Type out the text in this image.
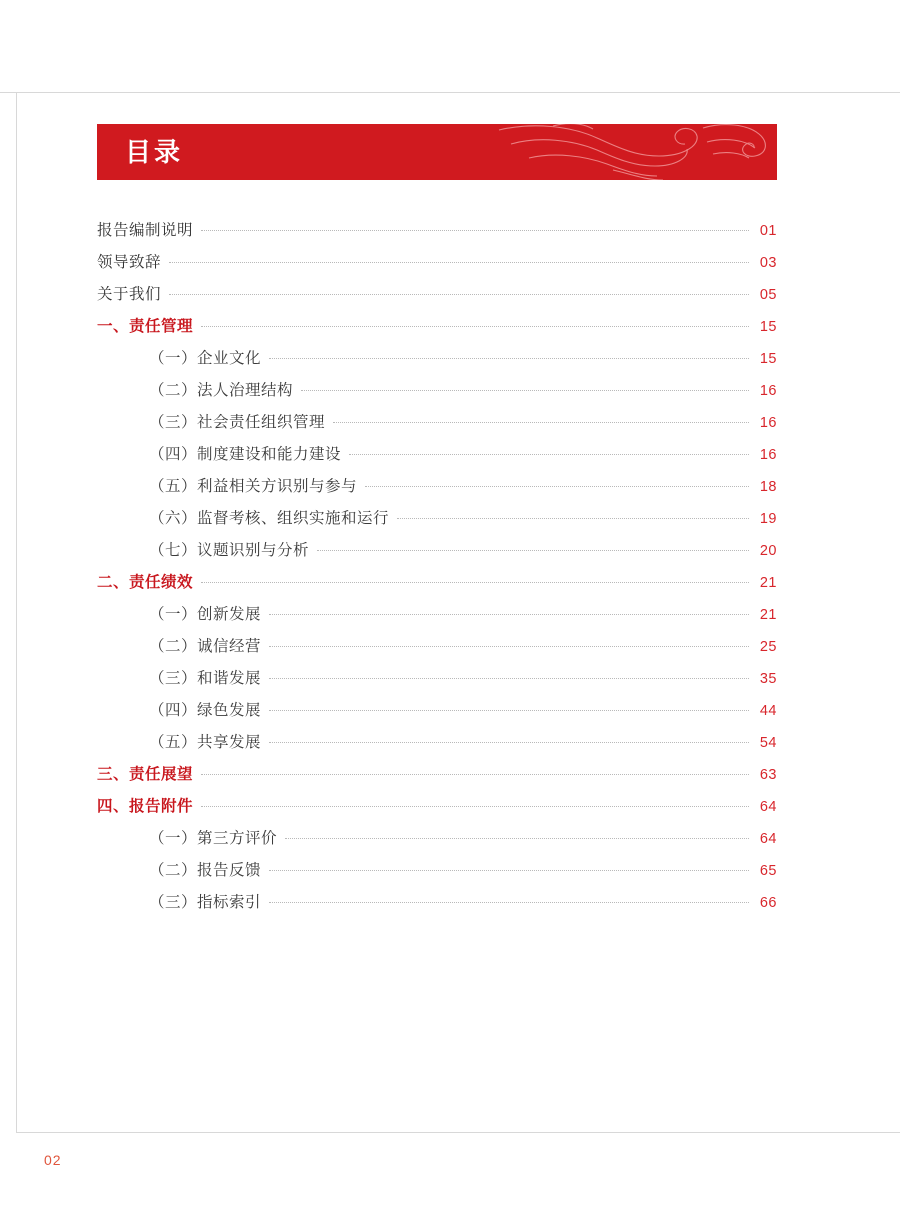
目录
报告编制说明	01
领导致辞	03
关于我们	05
一、责任管理	15
（一）企业文化	15
（二）法人治理结构	16
（三）社会责任组织管理	16
（四）制度建设和能力建设	16
（五）利益相关方识别与参与	18
（六）监督考核、组织实施和运行	19
（七）议题识别与分析	20
二、责任绩效	21
（一）创新发展	21
（二）诚信经营	25
（三）和谐发展	35
（四）绿色发展	44
（五）共享发展	54
三、责任展望	63
四、报告附件	64
（一）第三方评价	64
（二）报告反馈	65
（三）指标索引	66
02
